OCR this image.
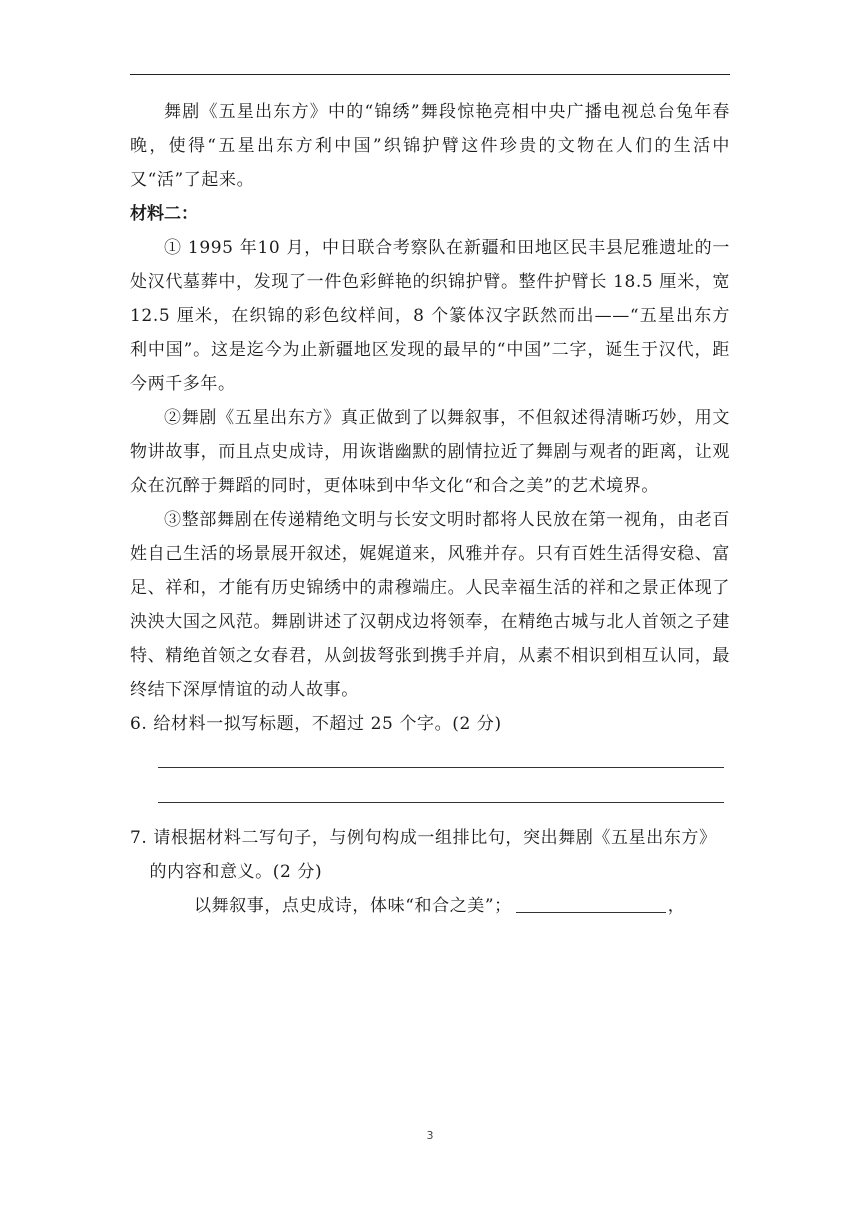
舞剧《五星出东方》中的“锦绣”舞段惊艳亮相中央广播电视总台兔年春晚，使得“五星出东方利中国”织锦护臂这件珍贵的文物在人们的生活中又“活”了起来。

材料二：

① 1995 年10 月，中日联合考察队在新疆和田地区民丰县尼雅遗址的一处汉代墓葬中，发现了一件色彩鲜艳的织锦护臂。整件护臂长 18.5 厘米，宽 12.5 厘米，在织锦的彩色纹样间，8 个篆体汉字跃然而出——“五星出东方利中国”。这是迄今为止新疆地区发现的最早的“中国”二字，诞生于汉代，距今两千多年。

②舞剧《五星出东方》真正做到了以舞叙事，不但叙述得清晰巧妙，用文物讲故事，而且点史成诗，用诙谐幽默的剧情拉近了舞剧与观者的距离，让观众在沉醉于舞蹈的同时，更体味到中华文化“和合之美”的艺术境界。

③整部舞剧在传递精绝文明与长安文明时都将人民放在第一视角，由老百姓自己生活的场景展开叙述，娓娓道来，风雅并存。只有百姓生活得安稳、富足、祥和，才能有历史锦绣中的肃穆端庄。人民幸福生活的祥和之景正体现了泱泱大国之风范。舞剧讲述了汉朝戍边将领奉，在精绝古城与北人首领之子建特、精绝首领之女春君，从剑拔弩张到携手并肩，从素不相识到相互认同，最终结下深厚情谊的动人故事。

6. 给材料一拟写标题，不超过 25 个字。(2 分)

7. 请根据材料二写句子，与例句构成一组排比句，突出舞剧《五星出东方》的内容和意义。(2 分)

以舞叙事，点史成诗，体味“和合之美”；	，

3
